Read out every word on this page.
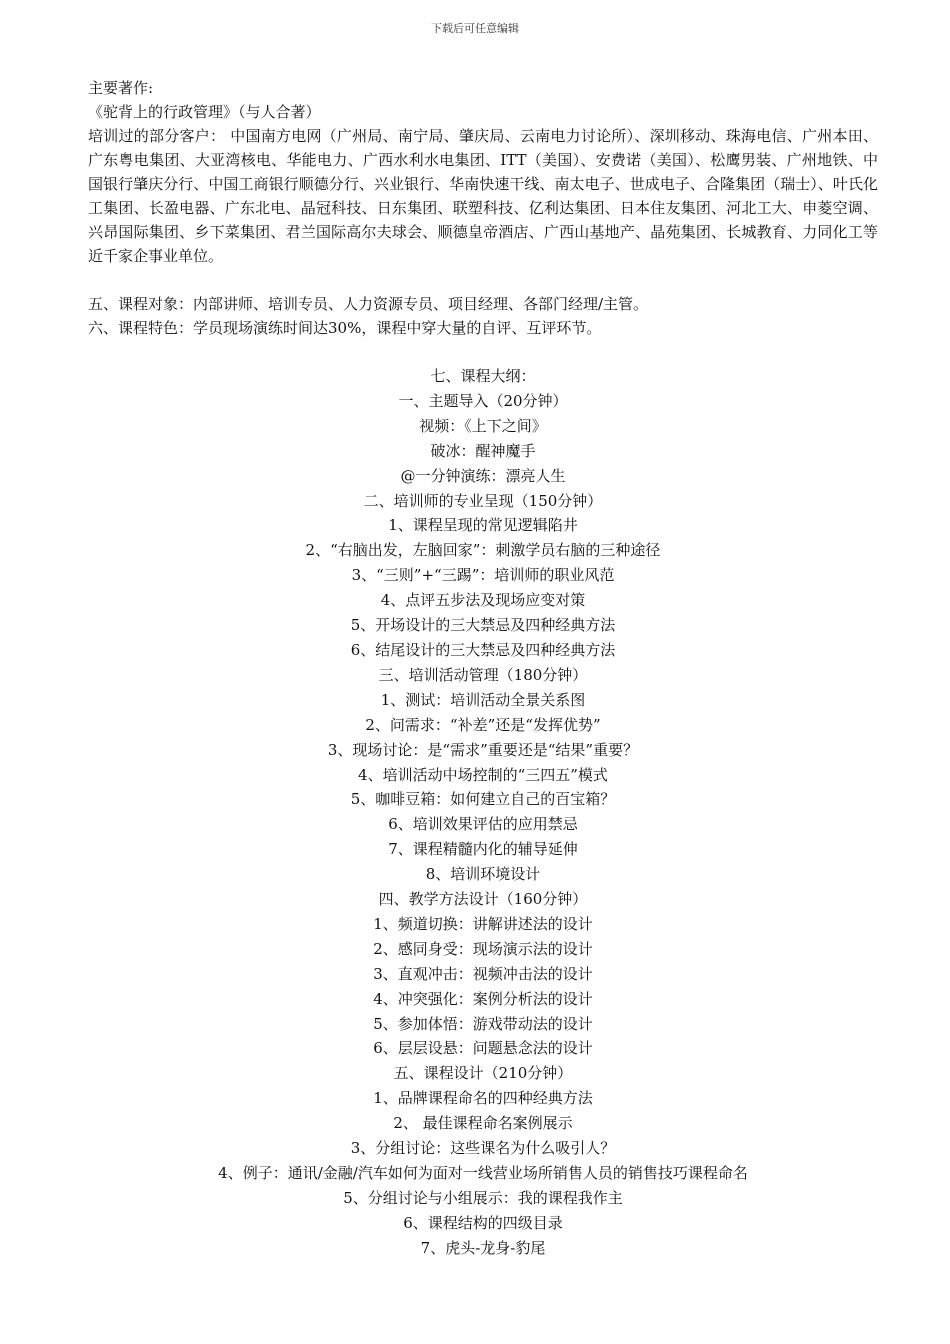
下载后可任意编辑

主要著作:

《驼背上的行政管理》（与人合著）

培训过的部分客户： 中国南方电网（广州局、南宁局、肇庆局、云南电力讨论所）、深圳移动、珠海电信、广州本田、广东粤电集团、大亚湾核电、华能电力、广西水利水电集团、ITT（美国）、安费诺（美国）、松鹰男装、广州地铁、中国银行肇庆分行、中国工商银行顺德分行、兴业银行、华南快速干线、南太电子、世成电子、合隆集团（瑞士）、叶氏化工集团、长盈电器、广东北电、晶冠科技、日东集团、联塑科技、亿利达集团、日本住友集团、河北工大、申菱空调、兴昂国际集团、乡下菜集团、君兰国际高尔夫球会、顺德皇帝酒店、广西山基地产、晶苑集团、长城教育、力同化工等近千家企事业单位。

五、课程对象：内部讲师、培训专员、人力资源专员、项目经理、各部门经理/主管。

六、课程特色：学员现场演练时间达30%，课程中穿大量的自评、互评环节。

七、课程大纲：
一、主题导入（20分钟）
视频：《上下之间》
破冰：醒神魔手
@一分钟演练：漂亮人生
二、培训师的专业呈现（150分钟）
1、课程呈现的常见逻辑陷井
2、“右脑出发，左脑回家”：刺激学员右脑的三种途径
3、“三则”+“三踢”：培训师的职业风范
4、点评五步法及现场应变对策
5、开场设计的三大禁忌及四种经典方法
6、结尾设计的三大禁忌及四种经典方法
三、培训活动管理（180分钟）
1、测试：培训活动全景关系图
2、问需求：“补差”还是“发挥优势”
3、现场讨论：是“需求”重要还是“结果”重要？
4、培训活动中场控制的“三四五”模式
5、咖啡豆箱：如何建立自己的百宝箱？
6、培训效果评估的应用禁忌
7、课程精髓内化的辅导延伸
8、培训环境设计
四、教学方法设计（160分钟）
1、频道切换：讲解讲述法的设计
2、感同身受：现场演示法的设计
3、直观冲击：视频冲击法的设计
4、冲突强化：案例分析法的设计
5、参加体悟：游戏带动法的设计
6、层层设悬：问题悬念法的设计
五、课程设计（210分钟）
1、品牌课程命名的四种经典方法
2、 最佳课程命名案例展示
3、分组讨论：这些课名为什么吸引人？
4、例子：通讯/金融/汽车如何为面对一线营业场所销售人员的销售技巧课程命名
5、分组讨论与小组展示：我的课程我作主
6、课程结构的四级目录
7、虎头-龙身-豹尾
